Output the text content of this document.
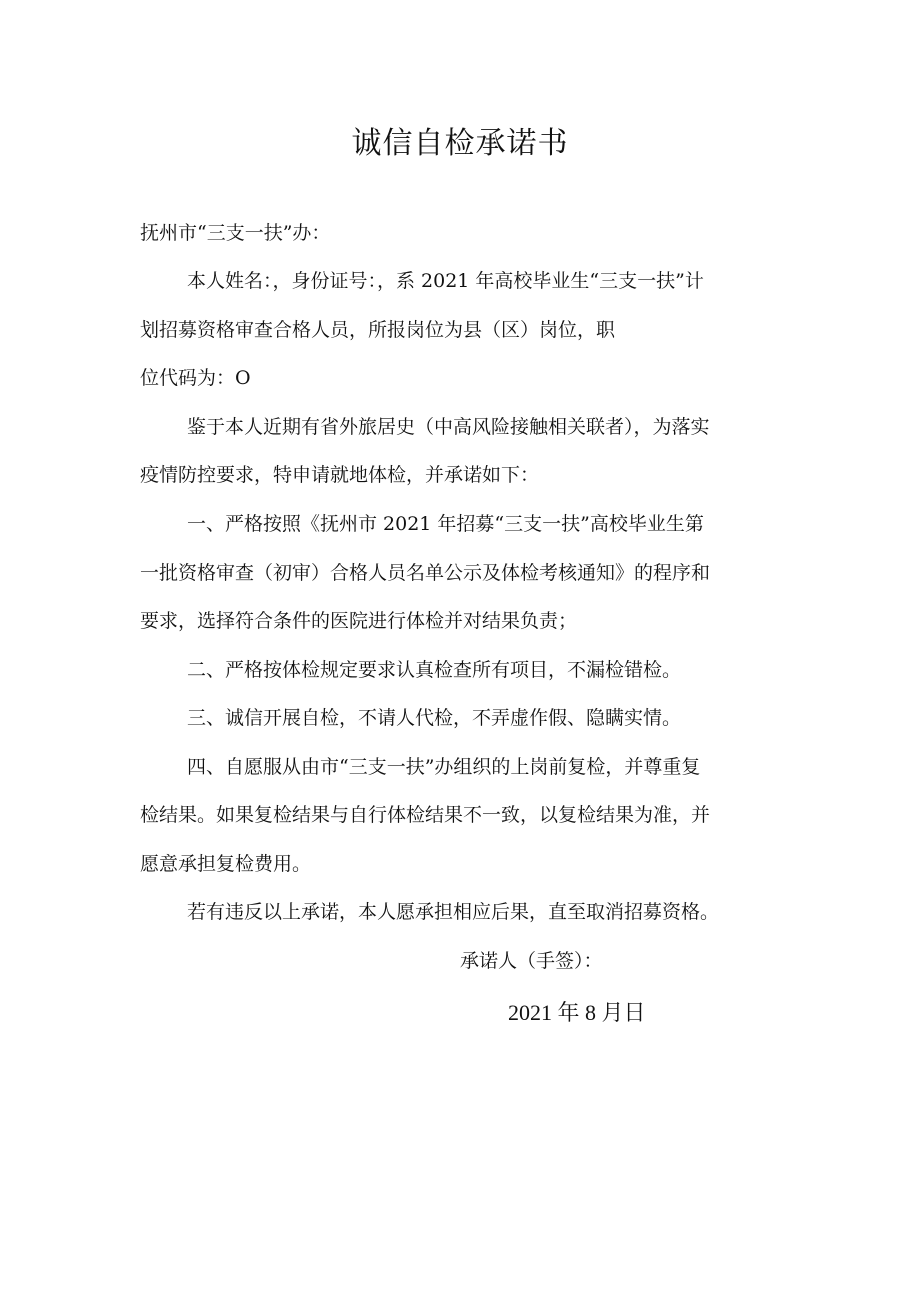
诚信自检承诺书
抚州市“三支一扶”办：
本人姓名：，身份证号：，系 2021 年高校毕业生“三支一扶”计
划招募资格审查合格人员，所报岗位为县（区）岗位，职
位代码为：O
鉴于本人近期有省外旅居史（中高风险接触相关联者），为落实
疫情防控要求，特申请就地体检，并承诺如下：
一、严格按照《抚州市 2021 年招募“三支一扶”高校毕业生第
一批资格审查（初审）合格人员名单公示及体检考核通知》的程序和
要求，选择符合条件的医院进行体检并对结果负责；
二、严格按体检规定要求认真检查所有项目，不漏检错检。
三、诚信开展自检，不请人代检，不弄虚作假、隐瞒实情。
四、自愿服从由市“三支一扶”办组织的上岗前复检，并尊重复
检结果。如果复检结果与自行体检结果不一致，以复检结果为准，并
愿意承担复检费用。
若有违反以上承诺，本人愿承担相应后果，直至取消招募资格。
承诺人（手签）：
2021 年 8 月日
